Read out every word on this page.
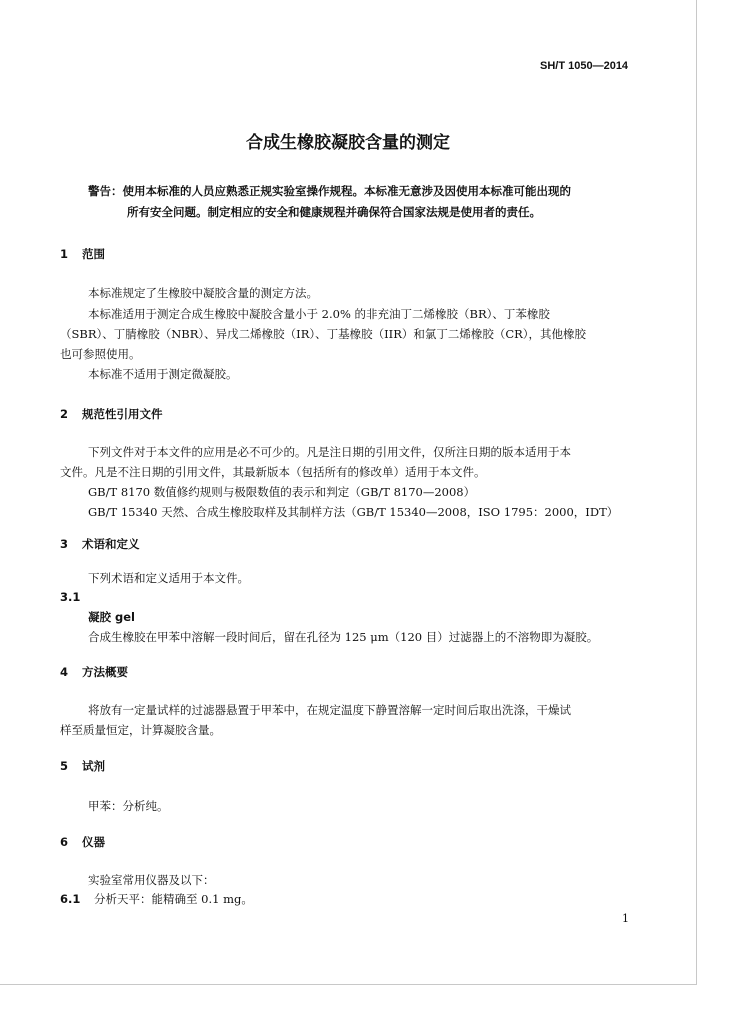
SH/T 1050—2014
合成生橡胶凝胶含量的测定
警告：使用本标准的人员应熟悉正规实验室操作规程。本标准无意涉及因使用本标准可能出现的
所有安全问题。制定相应的安全和健康规程并确保符合国家法规是使用者的责任。
1 范围
本标准规定了生橡胶中凝胶含量的测定方法。
本标准适用于测定合成生橡胶中凝胶含量小于 2.0% 的非充油丁二烯橡胶（BR）、丁苯橡胶
（SBR）、丁腈橡胶（NBR）、异戊二烯橡胶（IR）、丁基橡胶（IIR）和氯丁二烯橡胶（CR），其他橡胶
也可参照使用。
本标准不适用于测定微凝胶。
2 规范性引用文件
下列文件对于本文件的应用是必不可少的。凡是注日期的引用文件，仅所注日期的版本适用于本
文件。凡是不注日期的引用文件，其最新版本（包括所有的修改单）适用于本文件。
GB/T 8170 数值修约规则与极限数值的表示和判定（GB/T 8170—2008）
GB/T 15340 天然、合成生橡胶取样及其制样方法（GB/T 15340—2008，ISO 1795：2000，IDT）
3 术语和定义
下列术语和定义适用于本文件。
3.1
凝胶 gel
合成生橡胶在甲苯中溶解一段时间后，留在孔径为 125 μm（120 目）过滤器上的不溶物即为凝胶。
4 方法概要
将放有一定量试样的过滤器悬置于甲苯中，在规定温度下静置溶解一定时间后取出洗涤，干燥试
样至质量恒定，计算凝胶含量。
5 试剂
甲苯：分析纯。
6 仪器
实验室常用仪器及以下：
6.1 分析天平：能精确至 0.1 mg。
1
